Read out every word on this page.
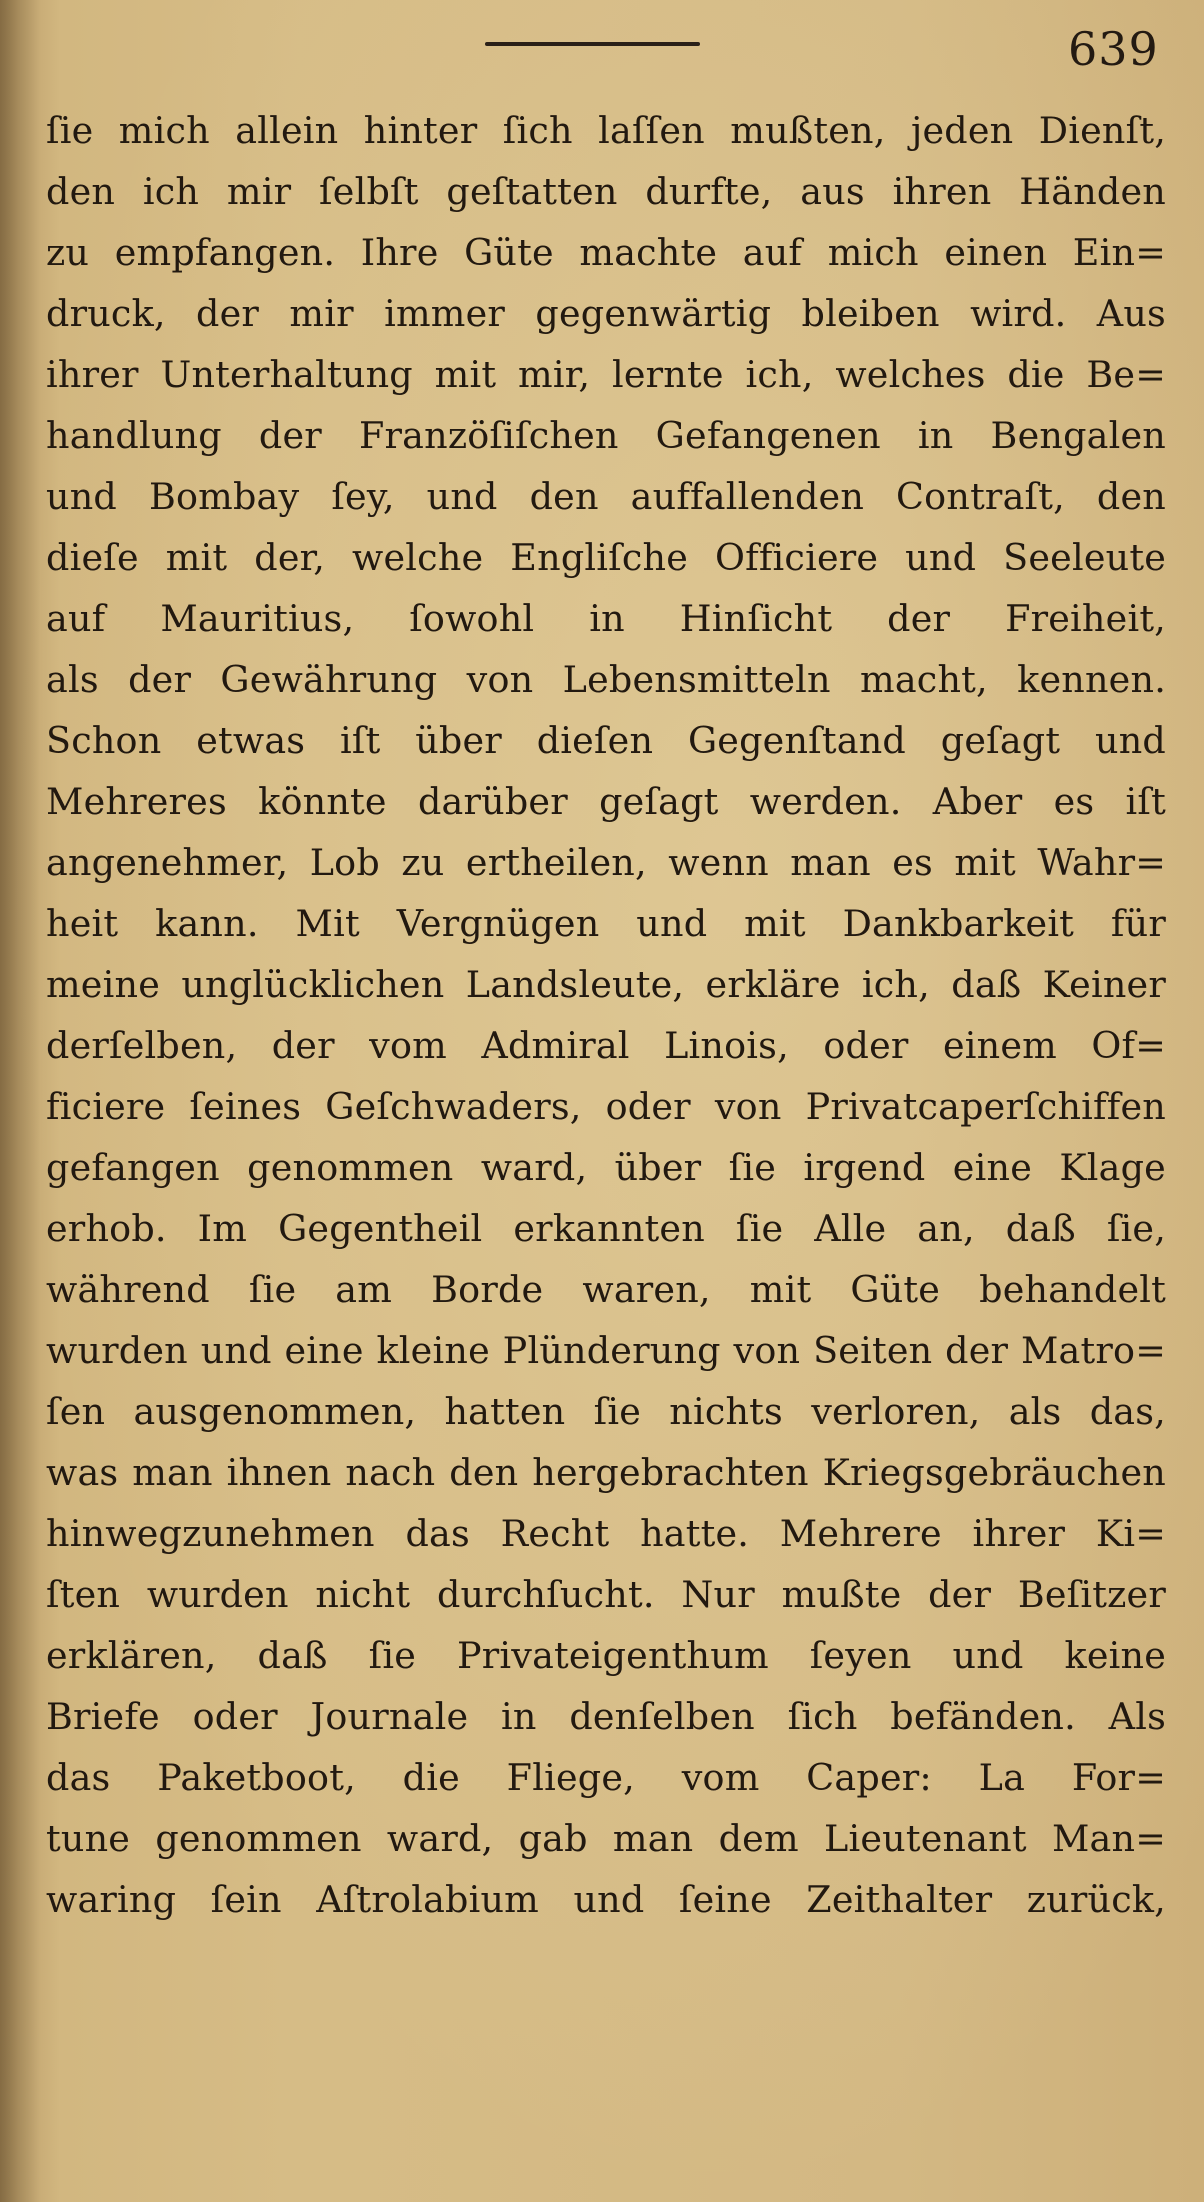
639
ſie mich allein hinter ſich laſſen mußten, jeden Dienſt,
den ich mir ſelbſt geſtatten durfte, aus ihren Händen
zu empfangen. Ihre Güte machte auf mich einen Ein=
druck, der mir immer gegenwärtig bleiben wird. Aus
ihrer Unterhaltung mit mir, lernte ich, welches die Be=
handlung der Franzöſiſchen Gefangenen in Bengalen
und Bombay ſey, und den auffallenden Contraſt, den
dieſe mit der, welche Engliſche Officiere und Seeleute
auf Mauritius, ſowohl in Hinſicht der Freiheit,
als der Gewährung von Lebensmitteln macht, kennen.
Schon etwas iſt über dieſen Gegenſtand geſagt und
Mehreres könnte darüber geſagt werden. Aber es iſt
angenehmer, Lob zu ertheilen, wenn man es mit Wahr=
heit kann. Mit Vergnügen und mit Dankbarkeit für
meine unglücklichen Landsleute, erkläre ich, daß Keiner
derſelben, der vom Admiral Linois, oder einem Of=
ficiere ſeines Geſchwaders, oder von Privatcaperſchiffen
gefangen genommen ward, über ſie irgend eine Klage
erhob. Im Gegentheil erkannten ſie Alle an, daß ſie,
während ſie am Borde waren, mit Güte behandelt
wurden und eine kleine Plünderung von Seiten der Matro=
ſen ausgenommen, hatten ſie nichts verloren, als das,
was man ihnen nach den hergebrachten Kriegsgebräuchen
hinwegzunehmen das Recht hatte. Mehrere ihrer Ki=
ſten wurden nicht durchſucht. Nur mußte der Beſitzer
erklären, daß ſie Privateigenthum ſeyen und keine
Briefe oder Journale in denſelben ſich befänden. Als
das Paketboot, die Fliege, vom Caper: La For=
tune genommen ward, gab man dem Lieutenant Man=
waring ſein Aſtrolabium und ſeine Zeithalter zurück,
